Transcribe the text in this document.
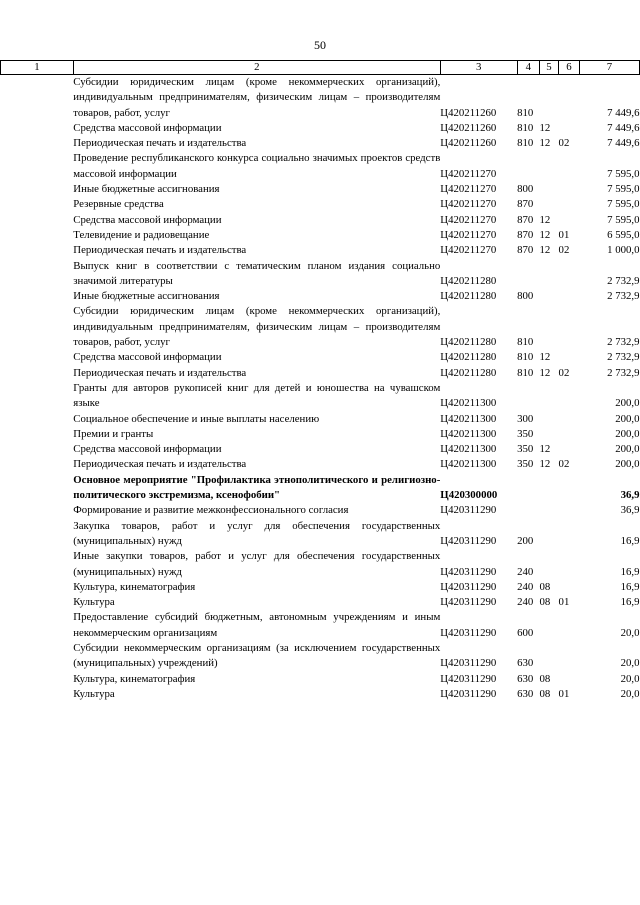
50
1	2	3	4	5	6	7
	Субсидии юридическим лицам (кроме некоммерческих организаций), индивидуальным предпринимателям, физическим лицам – производителям товаров, работ, услуг	Ц420211260	810			7 449,6
	Средства массовой информации	Ц420211260	810	12		7 449,6
	Периодическая печать и издательства	Ц420211260	810	12	02	7 449,6
	Проведение республиканского конкурса социально значимых проектов средств массовой информации	Ц420211270				7 595,0
	Иные бюджетные ассигнования	Ц420211270	800			7 595,0
	Резервные средства	Ц420211270	870			7 595,0
	Средства массовой информации	Ц420211270	870	12		7 595,0
	Телевидение и радиовещание	Ц420211270	870	12	01	6 595,0
	Периодическая печать и издательства	Ц420211270	870	12	02	1 000,0
	Выпуск книг в соответствии с тематическим планом издания социально значимой литературы	Ц420211280				2 732,9
	Иные бюджетные ассигнования	Ц420211280	800			2 732,9
	Субсидии юридическим лицам (кроме некоммерческих организаций), индивидуальным предпринимателям, физическим лицам – производителям товаров, работ, услуг	Ц420211280	810			2 732,9
	Средства массовой информации	Ц420211280	810	12		2 732,9
	Периодическая печать и издательства	Ц420211280	810	12	02	2 732,9
	Гранты для авторов рукописей книг для детей и юношества на чувашском языке	Ц420211300				200,0
	Социальное обеспечение и иные выплаты населению	Ц420211300	300			200,0
	Премии и гранты	Ц420211300	350			200,0
	Средства массовой информации	Ц420211300	350	12		200,0
	Периодическая печать и издательства	Ц420211300	350	12	02	200,0
	Основное мероприятие "Профилактика этнополитического и религиозно-политического экстремизма, ксенофобии"	Ц420300000				36,9
	Формирование и развитие межконфессионального согласия	Ц420311290				36,9
	Закупка товаров, работ и услуг для обеспечения государственных (муниципальных) нужд	Ц420311290	200			16,9
	Иные закупки товаров, работ и услуг для обеспечения государственных (муниципальных) нужд	Ц420311290	240			16,9
	Культура, кинематография	Ц420311290	240	08		16,9
	Культура	Ц420311290	240	08	01	16,9
	Предоставление субсидий бюджетным, автономным учреждениям и иным некоммерческим организациям	Ц420311290	600			20,0
	Субсидии некоммерческим организациям (за исключением государственных (муниципальных) учреждений)	Ц420311290	630			20,0
	Культура, кинематография	Ц420311290	630	08		20,0
	Культура	Ц420311290	630	08	01	20,0
